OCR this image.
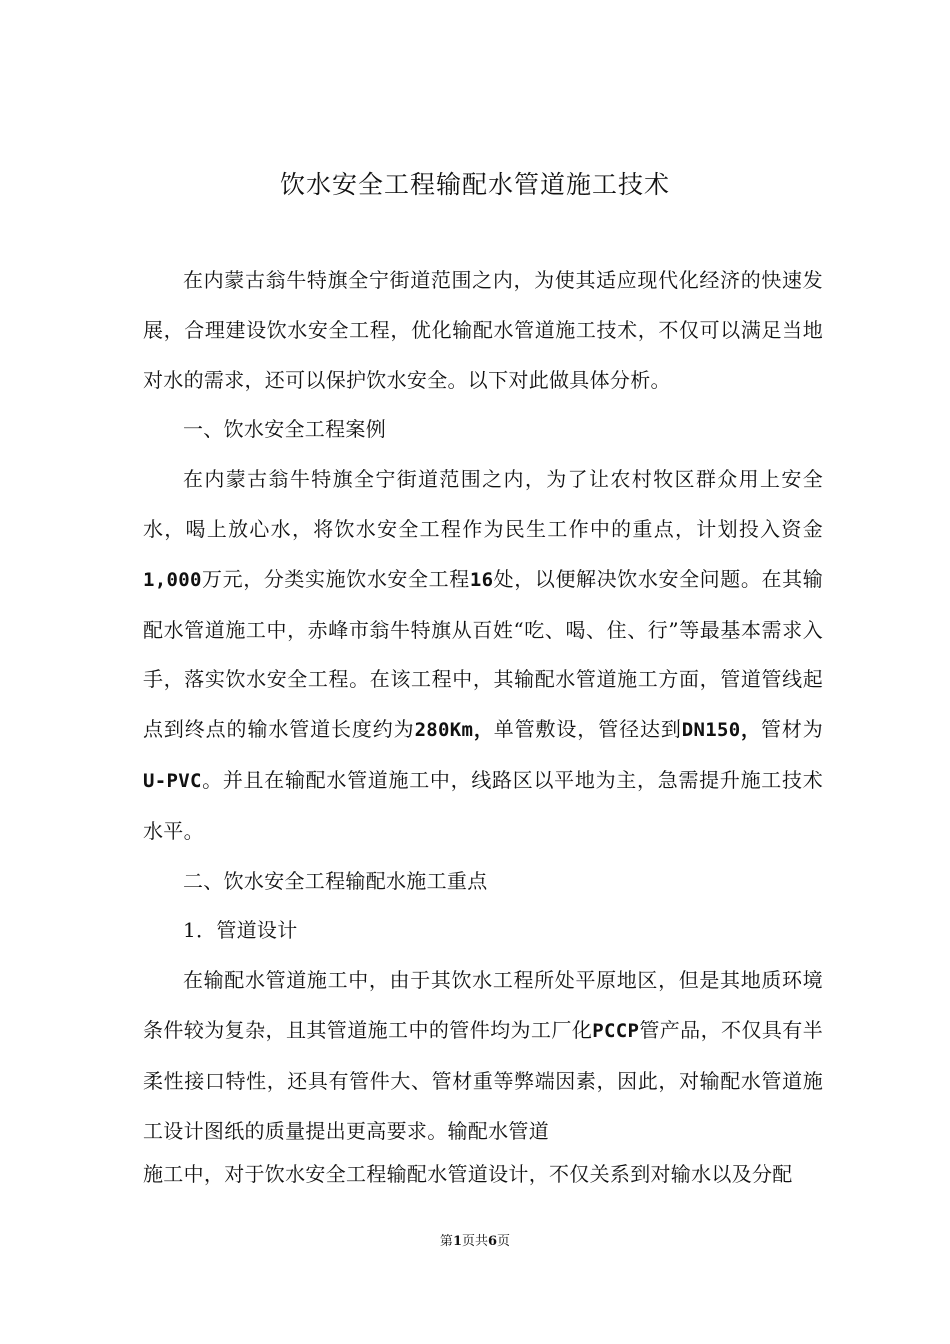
饮水安全工程输配水管道施工技术

在内蒙古翁牛特旗全宁街道范围之内，为使其适应现代化经济的快速发展，合理建设饮水安全工程，优化输配水管道施工技术，不仅可以满足当地对水的需求，还可以保护饮水安全。以下对此做具体分析。

一、饮水安全工程案例

在内蒙古翁牛特旗全宁街道范围之内，为了让农村牧区群众用上安全水，喝上放心水，将饮水安全工程作为民生工作中的重点，计划投入资金1,000万元，分类实施饮水安全工程16处，以便解决饮水安全问题。在其输配水管道施工中，赤峰市翁牛特旗从百姓“吃、喝、住、行”等最基本需求入手，落实饮水安全工程。在该工程中，其输配水管道施工方面，管道管线起点到终点的输水管道长度约为280Km，单管敷设，管径达到DN150，管材为U-PVC。并且在输配水管道施工中，线路区以平地为主，急需提升施工技术水平。

二、饮水安全工程输配水施工重点

1．管道设计

在输配水管道施工中，由于其饮水工程所处平原地区，但是其地质环境条件较为复杂，且其管道施工中的管件均为工厂化PCCP管产品，不仅具有半柔性接口特性，还具有管件大、管材重等弊端因素，因此，对输配水管道施工设计图纸的质量提出更高要求。输配水管道

施工中，对于饮水安全工程输配水管道设计，不仅关系到对输水以及分配

第1页共6页
